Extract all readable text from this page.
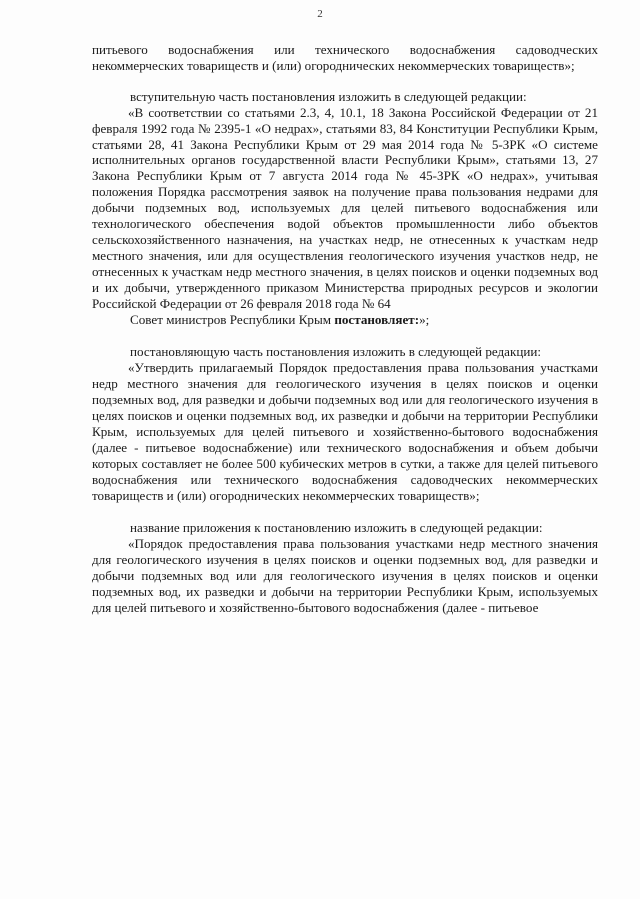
2

питьевого водоснабжения или технического водоснабжения садоводческих некоммерческих товариществ и (или) огороднических некоммерческих товариществ»;

вступительную часть постановления изложить в следующей редакции:

«В соответствии со статьями 2.3, 4, 10.1, 18 Закона Российской Федерации от 21 февраля 1992 года № 2395-1 «О недрах», статьями 83, 84 Конституции Республики Крым, статьями 28, 41 Закона Республики Крым от 29 мая 2014 года № 5-ЗРК «О системе исполнительных органов государственной власти Республики Крым», статьями 13, 27 Закона Республики Крым от 7 августа 2014 года № 45-ЗРК «О недрах», учитывая положения Порядка рассмотрения заявок на получение права пользования недрами для добычи подземных вод, используемых для целей питьевого водоснабжения или технологического обеспечения водой объектов промышленности либо объектов сельскохозяйственного назначения, на участках недр, не отнесенных к участкам недр местного значения, или для осуществления геологического изучения участков недр, не отнесенных к участкам недр местного значения, в целях поисков и оценки подземных вод и их добычи, утвержденного приказом Министерства природных ресурсов и экологии Российской Федерации от 26 февраля 2018 года № 64

Совет министров Республики Крым постановляет:»;

постановляющую часть постановления изложить в следующей редакции:

«Утвердить прилагаемый Порядок предоставления права пользования участками недр местного значения для геологического изучения в целях поисков и оценки подземных вод, для разведки и добычи подземных вод или для геологического изучения в целях поисков и оценки подземных вод, их разведки и добычи на территории Республики Крым, используемых для целей питьевого и хозяйственно-бытового водоснабжения (далее - питьевое водоснабжение) или технического водоснабжения и объем добычи которых составляет не более 500 кубических метров в сутки, а также для целей питьевого водоснабжения или технического водоснабжения садоводческих некоммерческих товариществ и (или) огороднических некоммерческих товариществ»;

название приложения к постановлению изложить в следующей редакции:

«Порядок предоставления права пользования участками недр местного значения для геологического изучения в целях поисков и оценки подземных вод, для разведки и добычи подземных вод или для геологического изучения в целях поисков и оценки подземных вод, их разведки и добычи на территории Республики Крым, используемых для целей питьевого и хозяйственно-бытового водоснабжения (далее - питьевое
